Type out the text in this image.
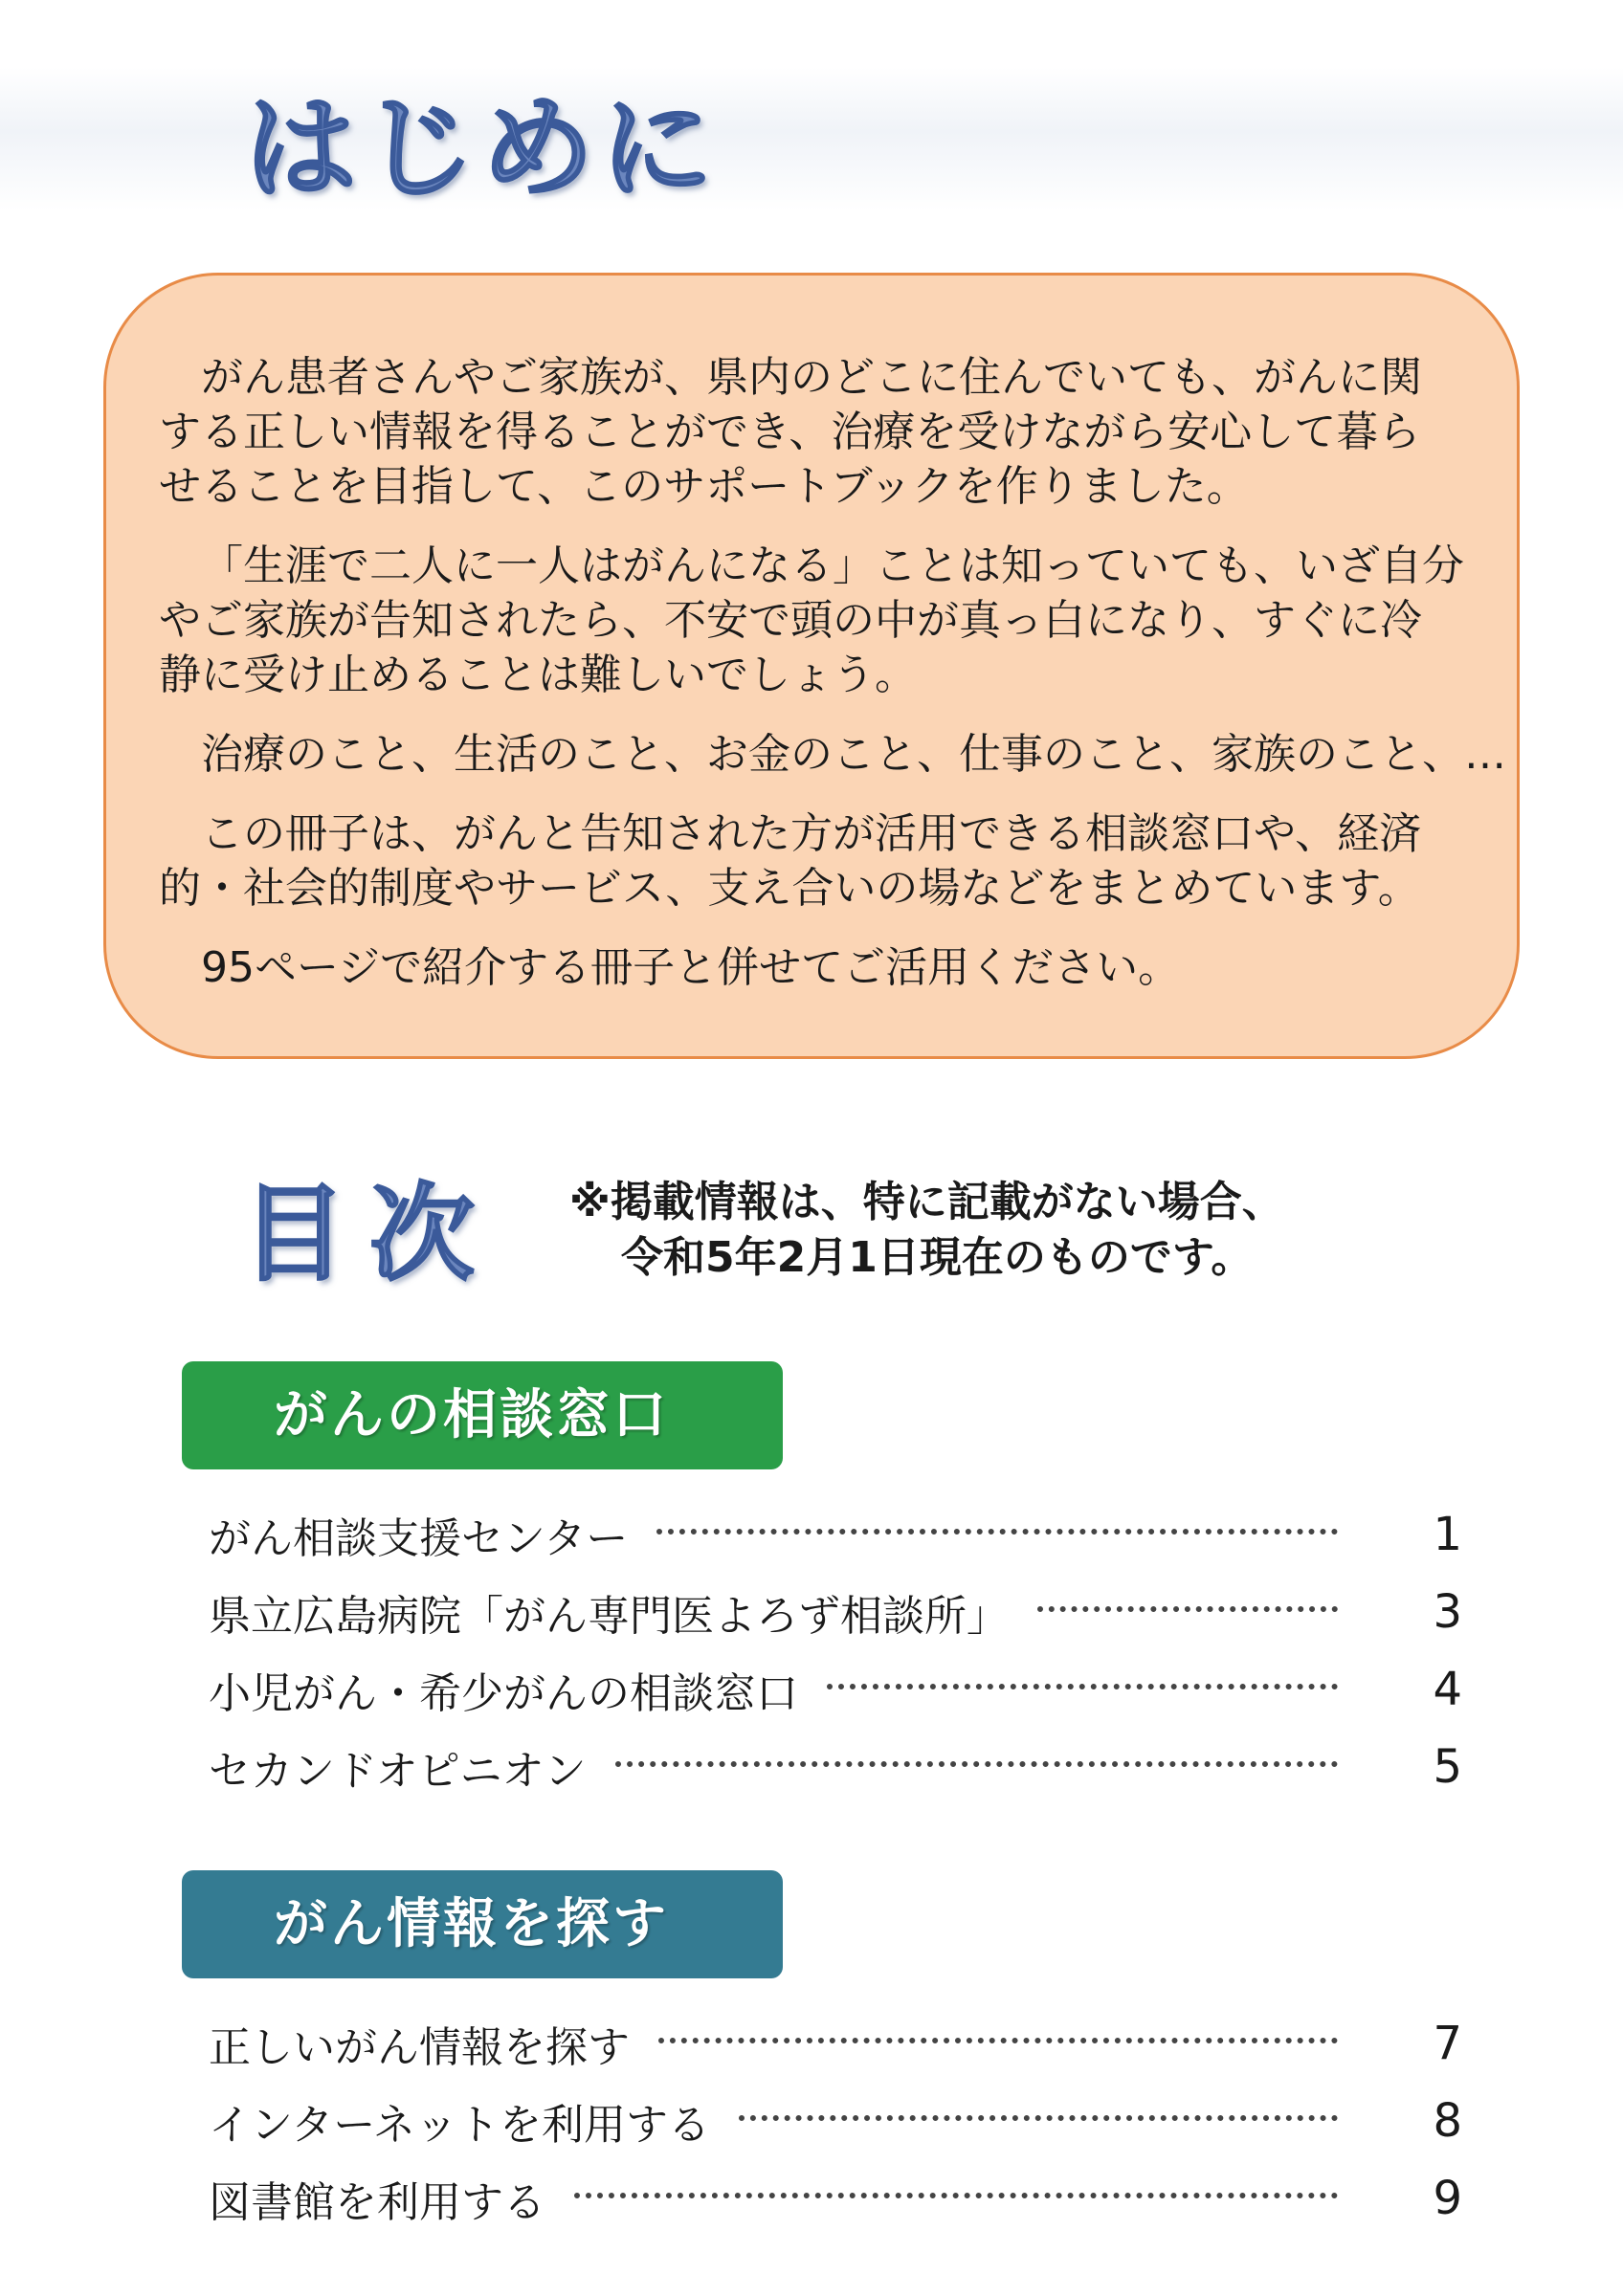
はじめに

がん患者さんやご家族が、県内のどこに住んでいても、がんに関
する正しい情報を得ることができ、治療を受けながら安心して暮ら
せることを目指して、このサポートブックを作りました。

「生涯で二人に一人はがんになる」ことは知っていても、いざ自分
やご家族が告知されたら、不安で頭の中が真っ白になり、すぐに冷
静に受け止めることは難しいでしょう。

治療のこと、生活のこと、お金のこと、仕事のこと、家族のこと、…

この冊子は、がんと告知された方が活用できる相談窓口や、経済
的・社会的制度やサービス、支え合いの場などをまとめています。

95ページで紹介する冊子と併せてご活用ください。

目次 ※掲載情報は、特に記載がない場合、
令和5年2月1日現在のものです。
がんの相談窓口
がん相談支援センター	1
県立広島病院「がん専門医よろず相談所」	3
小児がん・希少がんの相談窓口	4
セカンドオピニオン	5
がん情報を探す
正しいがん情報を探す	7
インターネットを利用する	8
図書館を利用する	9
